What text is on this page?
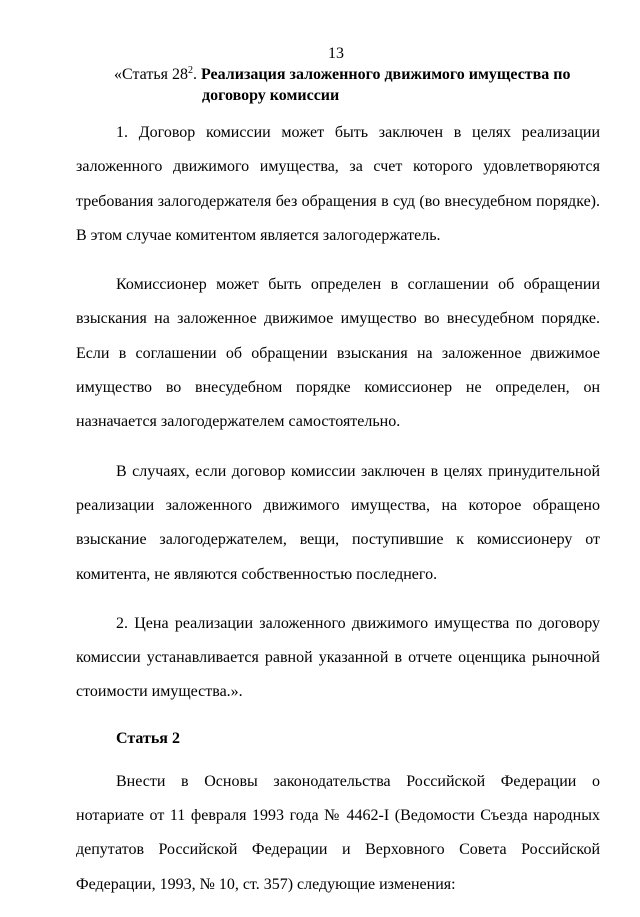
13
«Статья $28^2$. Реализация заложенного движимого имущества по
договору комиссии

1. Договор комиссии может быть заключен в целях реализации заложенного движимого имущества, за счет которого удовлетворяются требования залогодержателя без обращения в суд (во внесудебном порядке). В этом случае комитентом является залогодержатель.

Комиссионер может быть определен в соглашении об обращении взыскания на заложенное движимое имущество во внесудебном порядке. Если в соглашении об обращении взыскания на заложенное движимое имущество во внесудебном порядке комиссионер не определен, он назначается залогодержателем самостоятельно.

В случаях, если договор комиссии заключен в целях принудительной реализации заложенного движимого имущества, на которое обращено взыскание залогодержателем, вещи, поступившие к комиссионеру от комитента, не являются собственностью последнего.

2. Цена реализации заложенного движимого имущества по договору комиссии устанавливается равной указанной в отчете оценщика рыночной стоимости имущества.».

Статья 2

Внести в Основы законодательства Российской Федерации о нотариате от 11 февраля 1993 года № 4462-I (Ведомости Съезда народных депутатов Российской Федерации и Верховного Совета Российской Федерации, 1993, № 10, ст. 357) следующие изменения:
